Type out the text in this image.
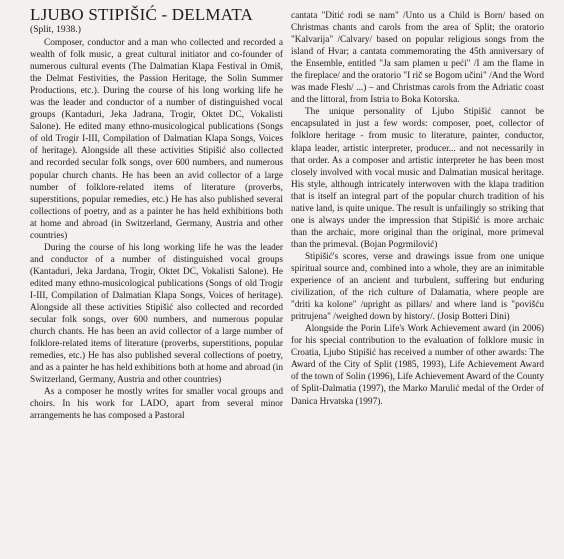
LJUBO STIPIŠIĆ - DELMATA
(Split, 1938.)

Composer, conductor and a man who collected and recorded a wealth of folk music, a great cultural initiator and co-founder of numerous cultural events (The Dalmatian Klapa Festival in Omiš, the Delmat Festivities, the Passion Heritage, the Solin Summer Productions, etc.). During the course of his long working life he was the leader and conductor of a number of distinguished vocal groups (Kantaduri, Jeka Jadrana, Trogir, Oktet DC, Vokalisti Salone). He edited many ethno-musicological publications (Songs of old Trogir I-III, Compilation of Dalmatian Klapa Songs, Voices of heritage). Alongside all these activities Stipišić also collected and recorded secular folk songs, over 600 numbers, and numerous popular church chants. He has been an avid collector of a large number of folklore-related items of literature (proverbs, superstitions, popular remedies, etc.) He has also published several collections of poetry, and as a painter he has held exhibitions both at home and abroad (in Switzerland, Germany, Austria and other countries)

During the course of his long working life he was the leader and conductor of a number of distinguished vocal groups (Kantaduri, Jeka Jardana, Trogir, Oktet DC, Vokalisti Salone). He edited many ethno-musicological publications (Songs of old Trogir I-III, Compilation of Dalmatian Klapa Songs, Voices of heritage). Alongside all these activities Stipišić also collected and recorded secular folk songs, over 600 numbers, and numerous popular church chants. He has been an avid collector of a large number of folklore-related items of literature (proverbs, superstitions, popular remedies, etc.) He has also published several collections of poetry, and as a painter he has held exhibitions both at home and abroad (in Switzerland, Germany, Austria and other countries)

As a composer he mostly writes for smaller vocal groups and choirs. In his work for LADO, apart from several minor arrangements he has composed a Pastoral

cantata "Ditić rodi se nam" /Unto us a Child is Born/ based on Christmas chants and carols from the area of Split; the oratorio "Kalvarija" /Calvary/ based on popular religious songs from the island of Hvar; a cantata commemorating the 45th anniversary of the Ensemble, entitled "Ja sam plamen u peći" /I am the flame in the fireplace/ and the oratorio "I rič se Bogom učini" /And the Word was made Flesh/ ...) – and Christmas carols from the Adriatic coast and the littoral, from Istria to Boka Kotorska.

The unique personality of Ljubo Stipišić cannot be encapsulated in just a few words: composer, poet, collector of folklore heritage - from music to literature, painter, conductor, klapa leader, artistic interpreter, producer... and not necessarily in that order. As a composer and artistic interpreter he has been most closely involved with vocal music and Dalmatian musical heritage. His style, although intricately interwoven with the klapa tradition that is itself an integral part of the popular church tradition of his native land, is quite unique. The result is unfailingly so striking that one is always under the impression that Stipišić is more archaic than the archaic, more original than the original, more primeval than the primeval. (Bojan Pogrmilović)

Stipišić's scores, verse and drawings issue from one unique spiritual source and, combined into a whole, they are an inimitable experience of an ancient and turbulent, suffering but enduring civilization, of the rich culture of Dalamatia, where people are "driti ka kolone" /upright as pillars/ and where land is "povišću pritrujena" /weighed down by history/. (Josip Botteri Dini)

Alongside the Porin Life's Work Achievement award (in 2006) for his special contribution to the evaluation of folklore music in Croatia, Ljubo Stipišić has received a number of other awards: The Award of the City of Split (1985, 1993), Life Achievement Award of the town of Solin (1996), Life Achievement Award of the County of Split-Dalmatia (1997), the Marko Marulić medal of the Order of Danica Hrvatska (1997).
